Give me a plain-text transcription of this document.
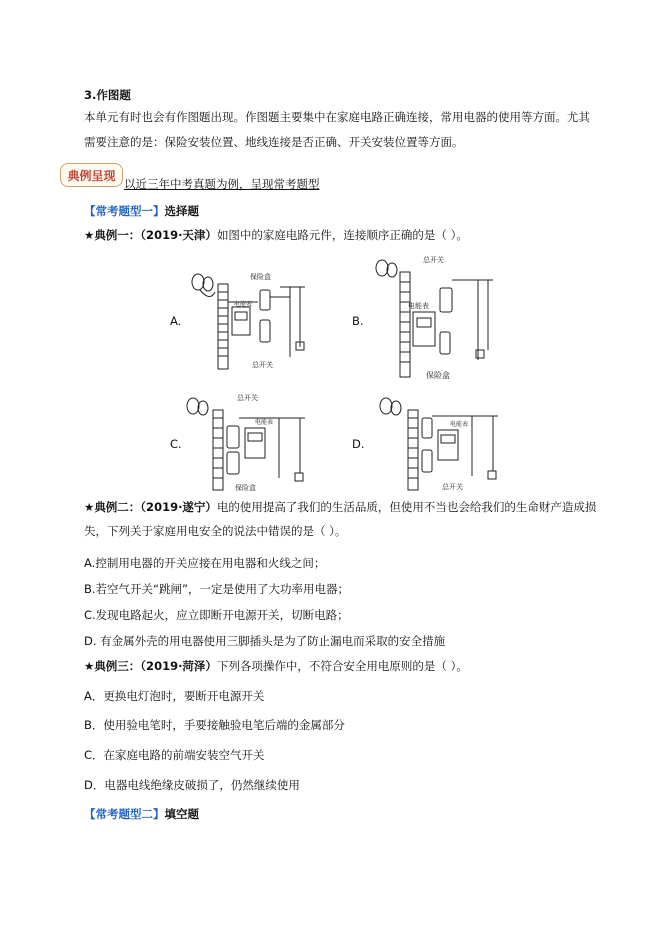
3.作图题
本单元有时也会有作图题出现。作图题主要集中在家庭电路正确连接，常用电器的使用等方面。尤其
需要注意的是：保险安装位置、地线连接是否正确、开关安装位置等方面。
典例呈现
以近三年中考真题为例，呈现常考题型
【常考题型一】选择题
★典例一：（2019·天津）如图中的家庭电路元件，连接顺序正确的是（ ）。
A.	B.
C.	D.
保险盒
电能表
总开关
总开关
电能表
保险盒
总开关
电能表
保险盒
电能表
总开关
★典例二：（2019·遂宁）电的使用提高了我们的生活品质，但使用不当也会给我们的生命财产造成损
失，下列关于家庭用电安全的说法中错误的是（ ）。
A.控制用电器的开关应接在用电器和火线之间；
B.若空气开关“跳闸”，一定是使用了大功率用电器；
C.发现电路起火，应立即断开电源开关，切断电路；
D. 有金属外壳的用电器使用三脚插头是为了防止漏电而采取的安全措施
★典例三：（2019·菏泽）下列各项操作中，不符合安全用电原则的是（ ）。
A．更换电灯泡时，要断开电源开关
B．使用验电笔时，手要接触验电笔后端的金属部分
C．在家庭电路的前端安装空气开关
D．电器电线绝缘皮破损了，仍然继续使用
【常考题型二】填空题
